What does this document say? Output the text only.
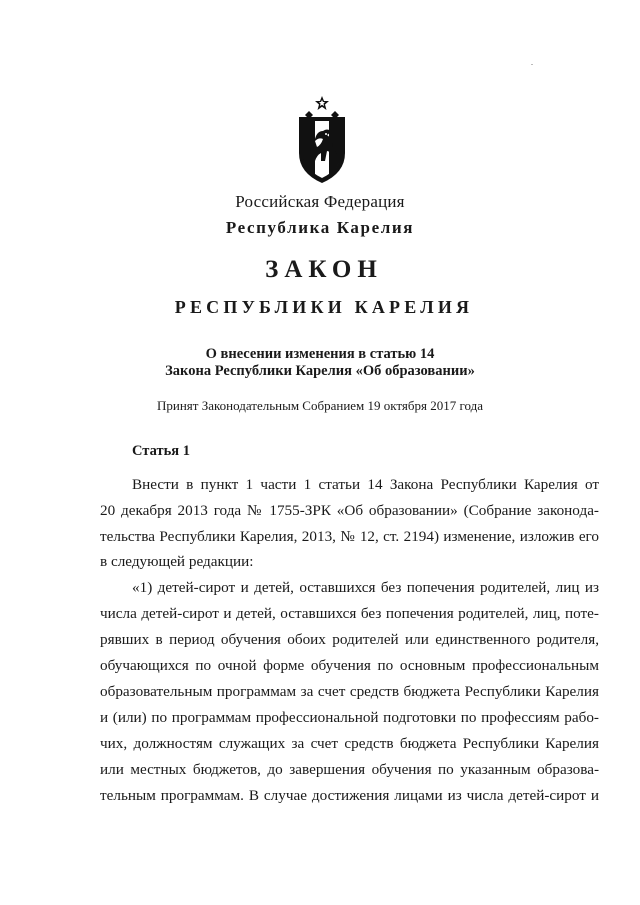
Российская Федерация
Республика Карелия
ЗАКОН
РЕСПУБЛИКИ КАРЕЛИЯ
О внесении изменения в статью 14
Закона Республики Карелия «Об образовании»
Принят Законодательным Собранием 19 октября 2017 года
Статья 1
Внести в пункт 1 части 1 статьи 14 Закона Республики Карелия от
20 декабря 2013 года № 1755-ЗРК «Об образовании» (Собрание законода-
тельства Республики Карелия, 2013, № 12, ст. 2194) изменение, изложив его
в следующей редакции:
«1) детей-сирот и детей, оставшихся без попечения родителей, лиц из
числа детей-сирот и детей, оставшихся без попечения родителей, лиц, поте-
рявших в период обучения обоих родителей или единственного родителя,
обучающихся по очной форме обучения по основным профессиональным
образовательным программам за счет средств бюджета Республики Карелия
и (или) по программам профессиональной подготовки по профессиям рабо-
чих, должностям служащих за счет средств бюджета Республики Карелия
или местных бюджетов, до завершения обучения по указанным образова-
тельным программам. В случае достижения лицами из числа детей-сирот и
